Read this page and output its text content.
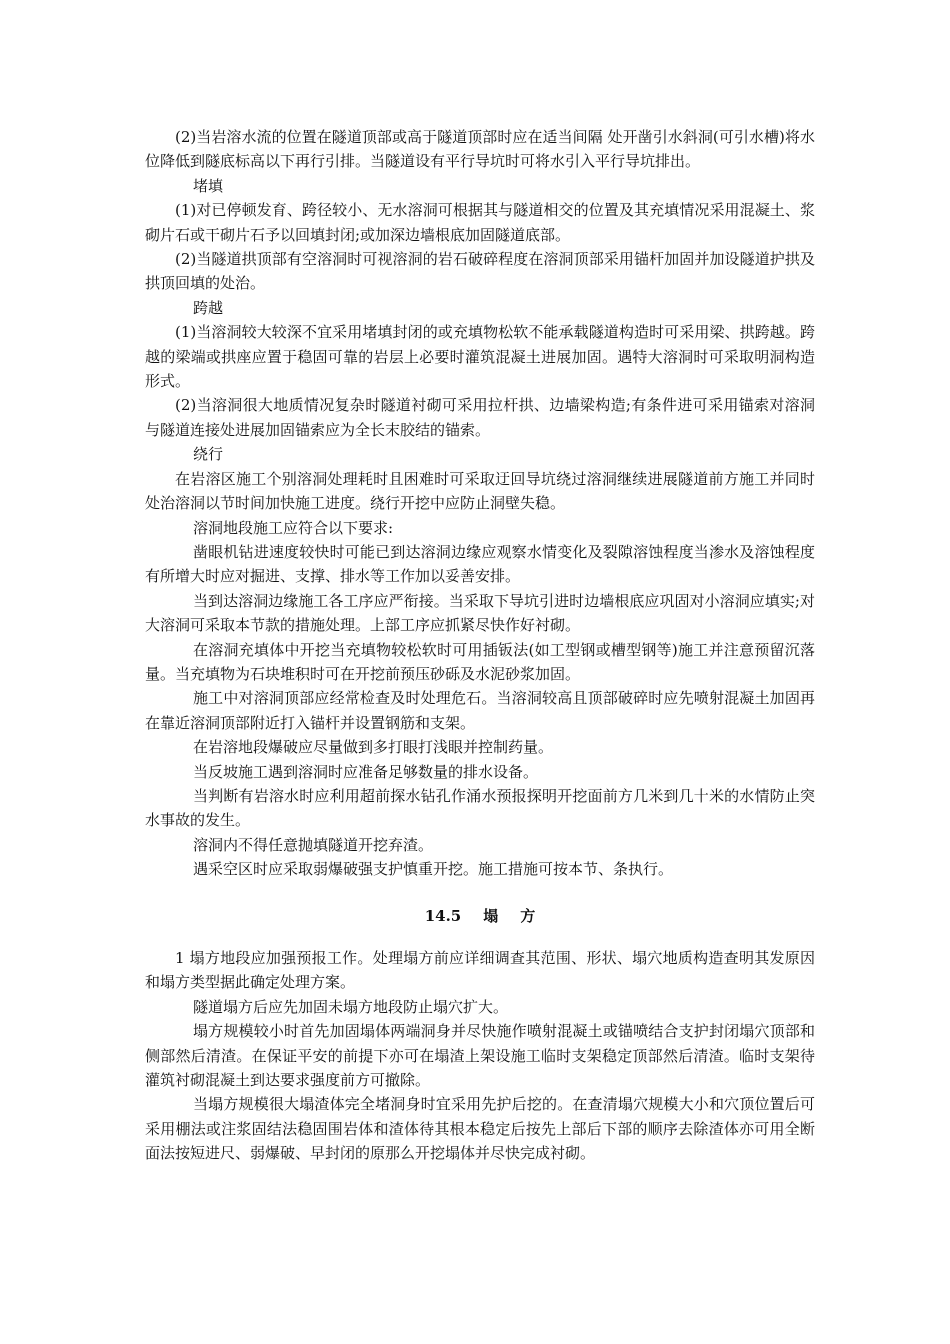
(2)当岩溶水流的位置在隧道顶部或高于隧道顶部时应在适当间隔 处开凿引水斜洞(可引水槽)将水位降低到隧底标高以下再行引排。当隧道设有平行导坑时可将水引入平行导坑排出。

堵填

(1)对已停顿发育、跨径较小、无水溶洞可根据其与隧道相交的位置及其充填情况采用混凝土、浆砌片石或干砌片石予以回填封闭;或加深边墙根底加固隧道底部。

(2)当隧道拱顶部有空溶洞时可视溶洞的岩石破碎程度在溶洞顶部采用锚杆加固并加设隧道护拱及拱顶回填的处治。

跨越

(1)当溶洞较大较深不宜采用堵填封闭的或充填物松软不能承载隧道构造时可采用梁、拱跨越。跨越的梁端或拱座应置于稳固可靠的岩层上必要时灌筑混凝土进展加固。遇特大溶洞时可采取明洞构造形式。

(2)当溶洞很大地质情况复杂时隧道衬砌可采用拉杆拱、边墙梁构造;有条件进可采用锚索对溶洞与隧道连接处进展加固锚索应为全长末胶结的锚索。

绕行

在岩溶区施工个别溶洞处理耗时且困难时可采取迂回导坑绕过溶洞继续进展隧道前方施工并同时处治溶洞以节时间加快施工进度。绕行开挖中应防止洞壁失稳。

溶洞地段施工应符合以下要求:

凿眼机钻进速度较快时可能已到达溶洞边缘应观察水情变化及裂隙溶蚀程度当渗水及溶蚀程度有所增大时应对掘进、支撑、排水等工作加以妥善安排。

当到达溶洞边缘施工各工序应严衔接。当采取下导坑引进时边墙根底应巩固对小溶洞应填实;对大溶洞可采取本节款的措施处理。上部工序应抓紧尽快作好衬砌。

在溶洞充填体中开挖当充填物较松软时可用插钣法(如工型钢或槽型钢等)施工并注意预留沉落量。当充填物为石块堆积时可在开挖前预压砂砾及水泥砂浆加固。

施工中对溶洞顶部应经常检查及时处理危石。当溶洞较高且顶部破碎时应先喷射混凝土加固再在靠近溶洞顶部附近打入锚杆并设置钢筋和支架。

在岩溶地段爆破应尽量做到多打眼打浅眼并控制药量。

当反坡施工遇到溶洞时应准备足够数量的排水设备。

当判断有岩溶水时应利用超前探水钻孔作涌水预报探明开挖面前方几米到几十米的水情防止突水事故的发生。

溶洞内不得任意抛填隧道开挖弃渣。

遇采空区时应采取弱爆破强支护慎重开挖。施工措施可按本节、条执行。

14.5 塌 方

1 塌方地段应加强预报工作。处理塌方前应详细调查其范围、形状、塌穴地质构造查明其发原因和塌方类型据此确定处理方案。

隧道塌方后应先加固未塌方地段防止塌穴扩大。

塌方规模较小时首先加固塌体两端洞身并尽快施作喷射混凝土或锚喷结合支护封闭塌穴顶部和侧部然后清渣。在保证平安的前提下亦可在塌渣上架设施工临时支架稳定顶部然后清渣。临时支架待灌筑衬砌混凝土到达要求强度前方可撤除。

当塌方规模很大塌渣体完全堵洞身时宜采用先护后挖的。在查清塌穴规模大小和穴顶位置后可采用棚法或注浆固结法稳固围岩体和渣体待其根本稳定后按先上部后下部的顺序去除渣体亦可用全断面法按短进尺、弱爆破、早封闭的原那么开挖塌体并尽快完成衬砌。
